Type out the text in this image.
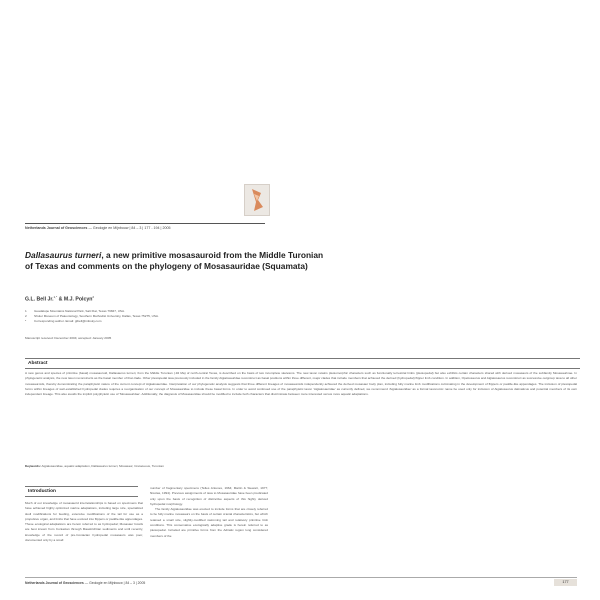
Netherlands Journal of Geosciences — Geologie en Mijnbouw | 84 – 3 | 177 - 194 | 2005
Dallasaurus turneri, a new primitive mosasauroid from the Middle Turonian of Texas and comments on the phylogeny of Mosasauridae (Squamata)
G.L. Bell Jr.$^{1,*}$ & M.J. Polcyn$^2$
1	Guadalupe Mountains National Park, Salt Flat, Texas 79847, USA.
2	Shuler Museum of Paleontology, Southern Methodist University, Dallas, Texas 75275, USA.
*	Corresponding author. Email: glbell@infosky.com
Manuscript received: December 2004; accepted: January 2005
Abstract
A new genus and species of primitive (basal) mosasauroid, Dallasaurus turneri, from the Middle Turonian (-92 Ma) of north-central Texas, is described on the basis of two incomplete skeletons. The new taxon retains plesiomorphic characters such as functionally terrestrial limbs (plesiopedal) but also exhibits certain characters shared with derived mosasaurs of the subfamily Mosasaurinae. In phylogenetic analysis, the new taxon reconstructs as the basal member of that clade. Other plesiopedal taxa previously included in the family Aigialosauridae reconstruct as basal positions within three different, major clades that include members that achieved the derived (hydropedal) flipper limb condition. In addition, Opetiosaurus and Aigialosaurus reconstruct as successive outgroup taxa to all other mosasauroids, thereby demonstrating the paraphyletic nature of the current concept of Aigialosauridae. Interpretation of our phylogenetic analysis suggests that three different lineages of mosasauroids independently achieved the derived mosasaur body plan, including fully marine limb modifications culminating in the development of flippers or paddle-like appendages. The inclusion of plesiopedal forms within lineages of well-established hydropedal clades requires a reorganisation of our concept of Mosasauridae to include these basal forms. In order to avoid continued use of the paraphyletic taxon 'Aigialosauridae' as currently defined, we recommend 'Aigialosauridae' as a formal taxonomic name be used only for inclusion of Aigialosaurus dalmaticus and potential members of its own independent lineage. This also avoids the implicit polyphyletic use of 'Mosasauridae'. Additionally, the diagnosis of Mosasauridae should be modified to include both characters that discriminate between more interested versus more aquatic adaptations.
Keywords: Aigialosauridae, aquatic adaptation, Dallasaurus turneri, Mosasaur, Cretaceous, Turonian
Introduction

Much of our knowledge of mosasaurid interrelationships is based on specimens that have achieved highly optimized marine adaptations, including large size, specialized skull modifications for feeding, extensive modifications of the tail for use as a propulsive organ, and limbs that have evolved into flippers or paddle-like appendages. These ecological adaptations are herein referred to as hydropedal; Mosasaur fossils are best known from Coniacian through Maastrichtian sediments and until recently, knowledge of the record of pre-Coniacian hydropedal mosasaurs was poor, documented only by a small

number of fragmentary specimens (Telles Antunes, 1964; Martin & Stewart, 1977; Nicolas, 1994). Previous assignments of taxa to Mosasauridae have been predicated only upon the basis of recognition of distinctive aspects of this highly derived hydropedal morphology.

The family Aigialosauridae was erected to include forms that are closely referred to be fully marine mosasaurs on the basis of certain cranial characteristics, but which retained a small size, slightly-modified swimming tail and relatively primitive limb conditions. This conservative ecologically adaptive grade is herein referred to as plesiopedal. Included are primitive forms from the Adriatic region long considered members of the

Netherlands Journal of Geosciences — Geologie en Mijnbouw | 84 – 3 | 2005	177
